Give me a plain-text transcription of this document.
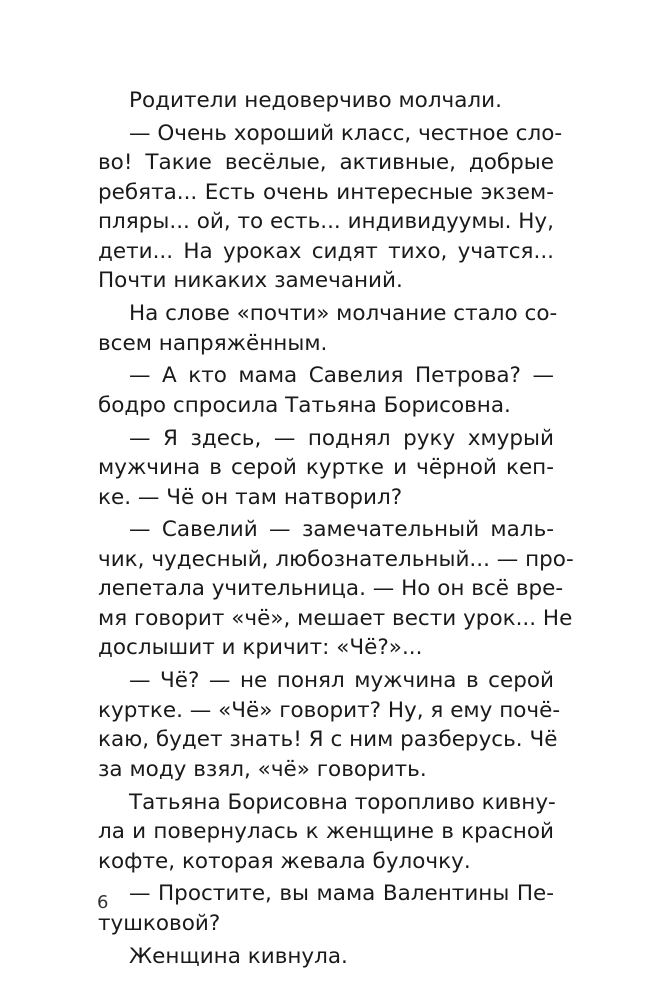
Родители недоверчиво молчали.
— Очень хороший класс, честное сло-
во! Такие весёлые, активные, добрые
ребята... Есть очень интересные экзем-
пляры... ой, то есть... индивидуумы. Ну,
дети... На уроках сидят тихо, учатся...
Почти никаких замечаний.
На слове «почти» молчание стало со-
всем напряжённым.
— А кто мама Савелия Петрова? —
бодро спросила Татьяна Борисовна.
— Я здесь, — поднял руку хмурый
мужчина в серой куртке и чёрной кеп-
ке. — Чё он там натворил?
— Савелий — замечательный маль-
чик, чудесный, любознательный... — про-
лепетала учительница. — Но он всё вре-
мя говорит «чё», мешает вести урок... Не
дослышит и кричит: «Чё?»...
— Чё? — не понял мужчина в серой
куртке. — «Чё» говорит? Ну, я ему почё-
каю, будет знать! Я с ним разберусь. Чё
за моду взял, «чё» говорить.
Татьяна Борисовна торопливо кивну-
ла и повернулась к женщине в красной
кофте, которая жевала булочку.
— Простите, вы мама Валентины Пе-
тушковой?
Женщина кивнула.
6
